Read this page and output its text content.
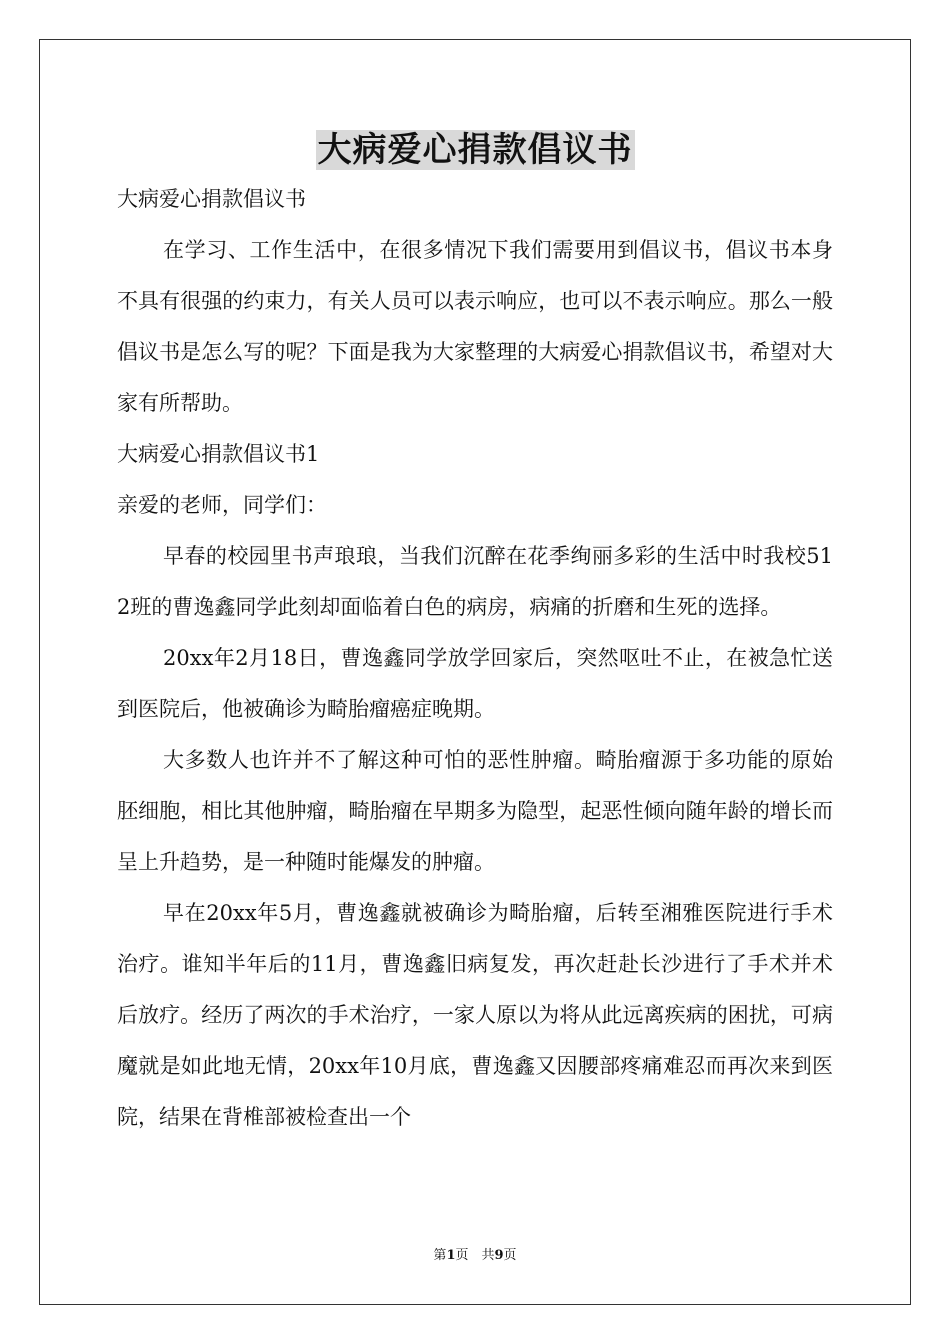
大病爱心捐款倡议书

大病爱心捐款倡议书

在学习、工作生活中，在很多情况下我们需要用到倡议书，倡议书本身不具有很强的约束力，有关人员可以表示响应，也可以不表示响应。那么一般倡议书是怎么写的呢？下面是我为大家整理的大病爱心捐款倡议书，希望对大家有所帮助。

大病爱心捐款倡议书1

亲爱的老师，同学们：

早春的校园里书声琅琅，当我们沉醉在花季绚丽多彩的生活中时我校512班的曹逸鑫同学此刻却面临着白色的病房，病痛的折磨和生死的选择。

20xx年2月18日，曹逸鑫同学放学回家后，突然呕吐不止，在被急忙送到医院后，他被确诊为畸胎瘤癌症晚期。

大多数人也许并不了解这种可怕的恶性肿瘤。畸胎瘤源于多功能的原始胚细胞，相比其他肿瘤，畸胎瘤在早期多为隐型，起恶性倾向随年龄的增长而呈上升趋势，是一种随时能爆发的肿瘤。

早在20xx年5月，曹逸鑫就被确诊为畸胎瘤，后转至湘雅医院进行手术治疗。谁知半年后的11月，曹逸鑫旧病复发，再次赶赴长沙进行了手术并术后放疗。经历了两次的手术治疗，一家人原以为将从此远离疾病的困扰，可病魔就是如此地无情，20xx年10月底，曹逸鑫又因腰部疼痛难忍而再次来到医院，结果在背椎部被检查出一个

第1页　共9页
